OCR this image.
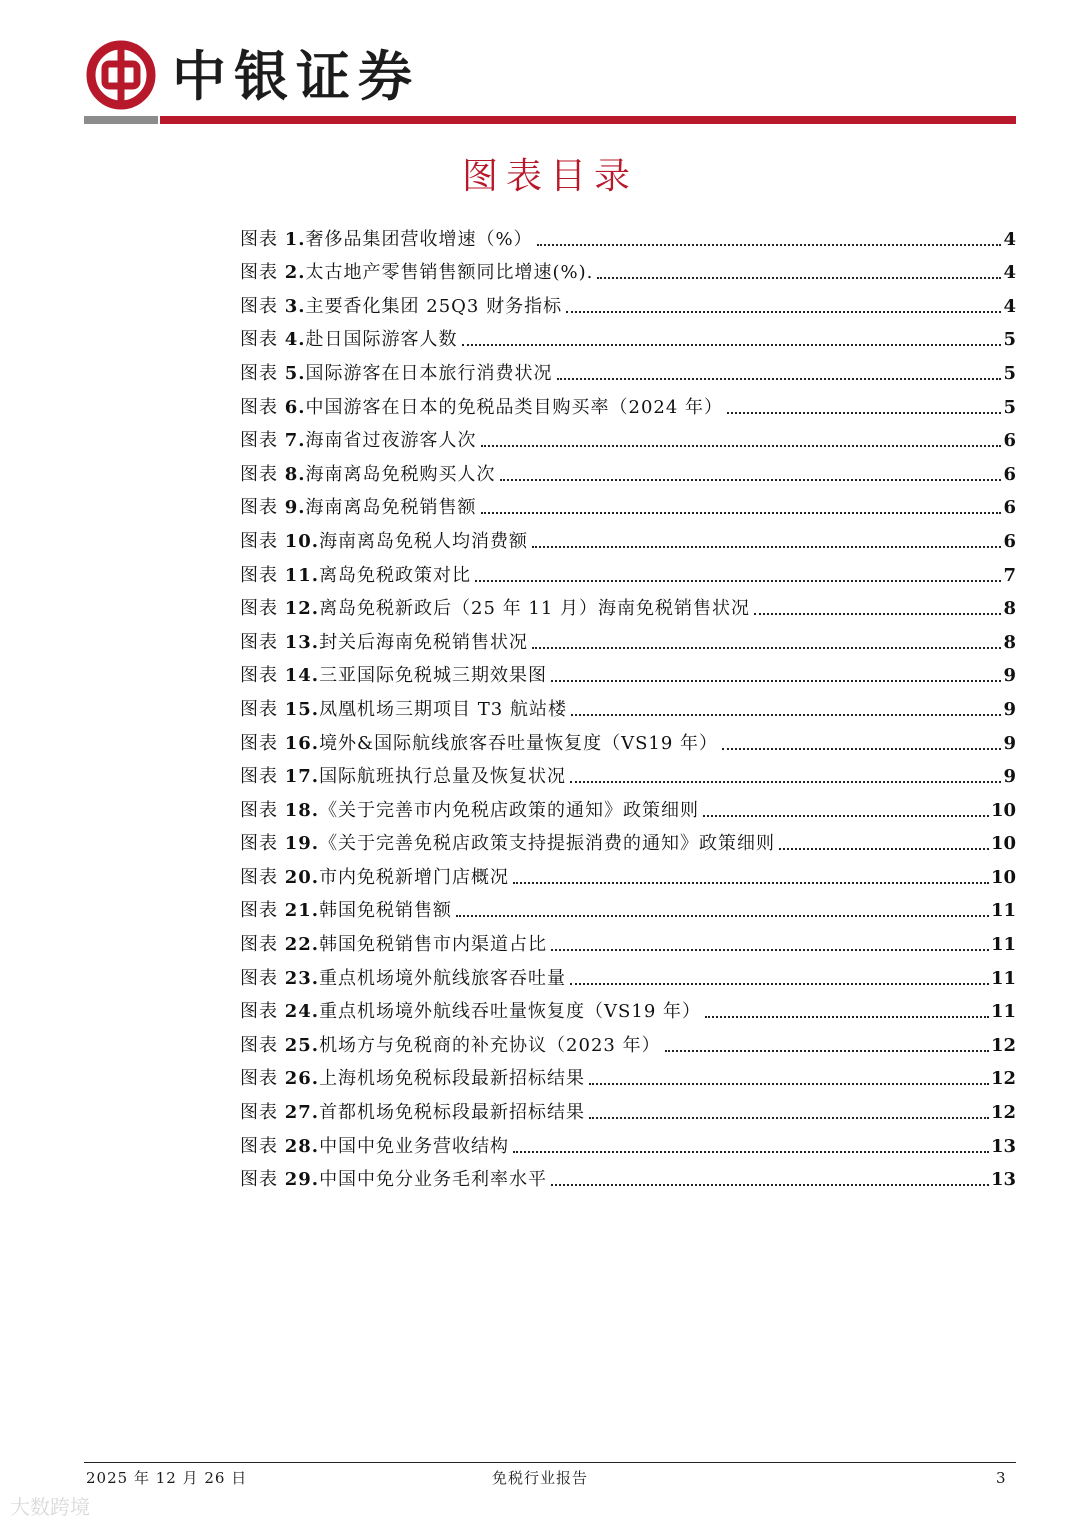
中银证券
图表目录
图表 1.奢侈品集团营收增速（%）	4
图表 2.太古地产零售销售额同比增速(%).	4
图表 3.主要香化集团 25Q3 财务指标	4
图表 4.赴日国际游客人数	5
图表 5.国际游客在日本旅行消费状况	5
图表 6.中国游客在日本的免税品类目购买率（2024 年）	5
图表 7.海南省过夜游客人次	6
图表 8.海南离岛免税购买人次	6
图表 9.海南离岛免税销售额	6
图表 10.海南离岛免税人均消费额	6
图表 11.离岛免税政策对比	7
图表 12.离岛免税新政后（25 年 11 月）海南免税销售状况	8
图表 13.封关后海南免税销售状况	8
图表 14.三亚国际免税城三期效果图	9
图表 15.凤凰机场三期项目 T3 航站楼	9
图表 16.境外&国际航线旅客吞吐量恢复度（VS19 年）	9
图表 17.国际航班执行总量及恢复状况	9
图表 18.《关于完善市内免税店政策的通知》政策细则	10
图表 19.《关于完善免税店政策支持提振消费的通知》政策细则	10
图表 20.市内免税新增门店概况	10
图表 21.韩国免税销售额	11
图表 22.韩国免税销售市内渠道占比	11
图表 23.重点机场境外航线旅客吞吐量	11
图表 24.重点机场境外航线吞吐量恢复度（VS19 年）	11
图表 25.机场方与免税商的补充协议（2023 年）	12
图表 26.上海机场免税标段最新招标结果	12
图表 27.首都机场免税标段最新招标结果	12
图表 28.中国中免业务营收结构	13
图表 29.中国中免分业务毛利率水平	13
2025 年 12 月 26 日	免税行业报告	3
大数跨境
